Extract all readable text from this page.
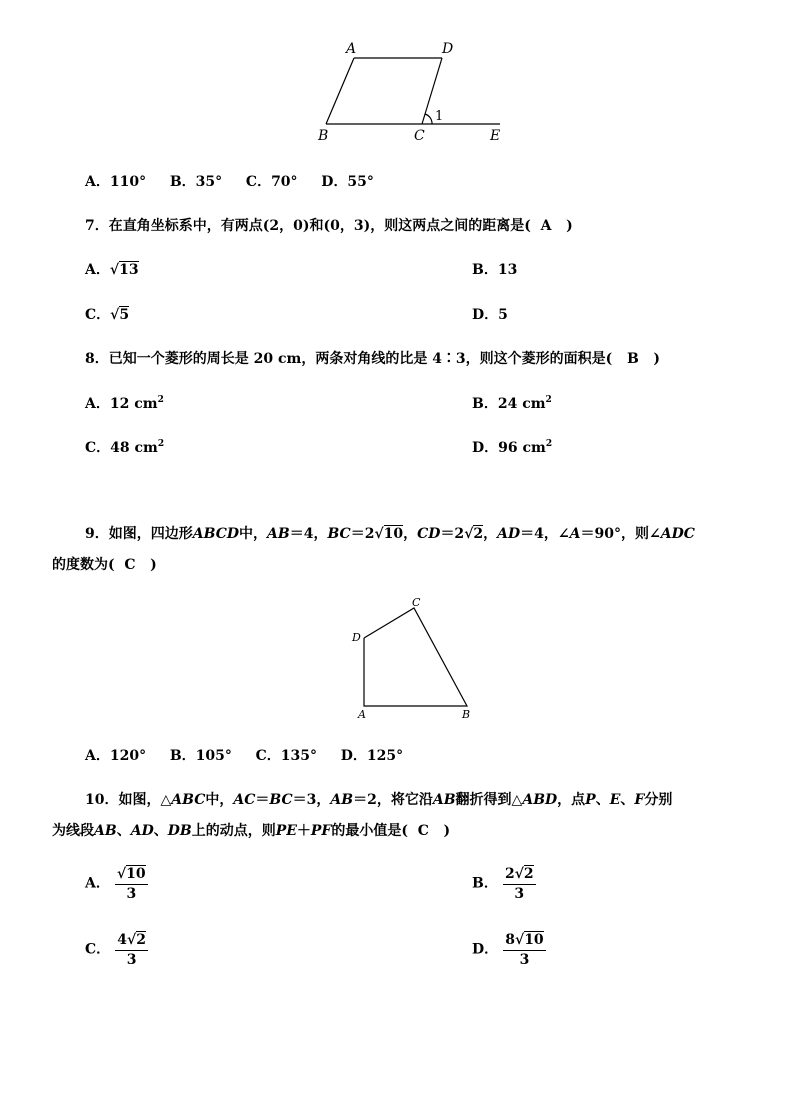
A	D
B	C	E
1
A．110° B．35° C．70° D．55°
7．在直角坐标系中，有两点(2，0)和(0，3)，则这两点之间的距离是( A )
A．√13	B．13
C．√5	D．5
8．已知一个菱形的周长是 20 cm，两条对角线的比是 4∶3，则这个菱形的面积是( B )
A．12 $cm^2$	B．24 $cm^2$
C．48 $cm^2$	D．96 $cm^2$
9．如图，四边形ABCD中，AB＝4，BC＝2√10，CD＝2√2，AD＝4，∠A＝90°，则∠ADC
的度数为( C )
C
D
A	B
A．120° B．105° C．135° D．125°
10．如图，△ABC中，AC＝BC＝3，AB＝2，将它沿AB翻折得到△ABD，点P、E、F分别
为线段AB、AD、DB上的动点，则PE＋PF的最小值是( C )
A． $\frac{√10}{3}$	B． $\frac{2√2}{3}$
C． $\frac{4√2}{3}$	D． $\frac{8√10}{3}$
